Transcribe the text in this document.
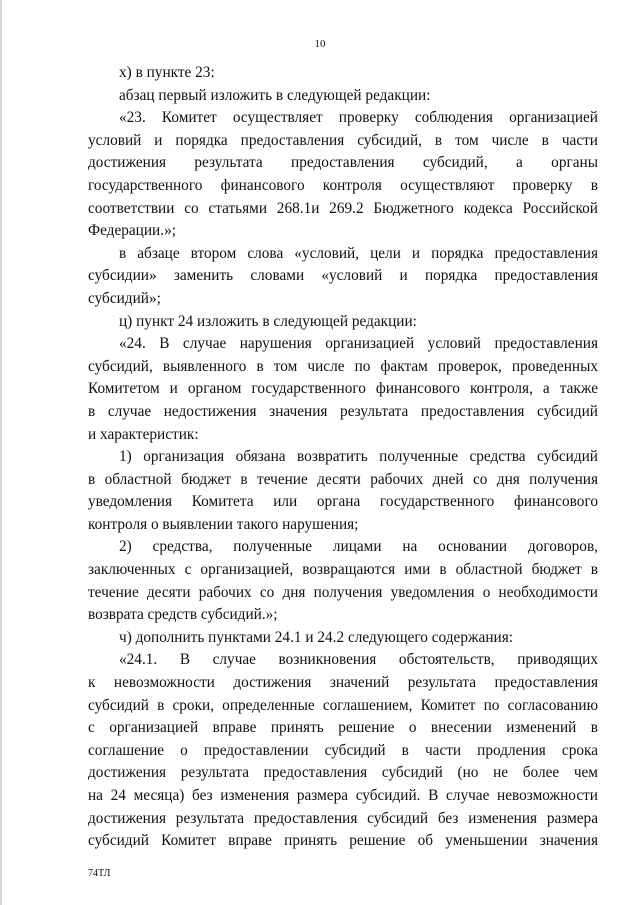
10
х) в пункте 23:
абзац первый изложить в следующей редакции:
«23. Комитет осуществляет проверку соблюдения организацией
условий и порядка предоставления субсидий, в том числе в части
достижения результата предоставления субсидий, а органы
государственного финансового контроля осуществляют проверку в
соответствии со статьями 268.1и 269.2 Бюджетного кодекса Российской
Федерации.»;
в абзаце втором слова «условий, цели и порядка предоставления
субсидии» заменить словами «условий и порядка предоставления
субсидий»;
ц) пункт 24 изложить в следующей редакции:
«24. В случае нарушения организацией условий предоставления
субсидий, выявленного в том числе по фактам проверок, проведенных
Комитетом и органом государственного финансового контроля, а также
в случае недостижения значения результата предоставления субсидий
и характеристик:
1) организация обязана возвратить полученные средства субсидий
в областной бюджет в течение десяти рабочих дней со дня получения
уведомления Комитета или органа государственного финансового
контроля о выявлении такого нарушения;
2) средства, полученные лицами на основании договоров,
заключенных с организацией, возвращаются ими в областной бюджет в
течение десяти рабочих со дня получения уведомления о необходимости
возврата средств субсидий.»;
ч) дополнить пунктами 24.1 и 24.2 следующего содержания:
«24.1. В случае возникновения обстоятельств, приводящих
к невозможности достижения значений результата предоставления
субсидий в сроки, определенные соглашением, Комитет по согласованию
с организацией вправе принять решение о внесении изменений в
соглашение о предоставлении субсидий в части продления срока
достижения результата предоставления субсидий (но не более чем
на 24 месяца) без изменения размера субсидий. В случае невозможности
достижения результата предоставления субсидий без изменения размера
субсидий Комитет вправе принять решение об уменьшении значения
74ТЛ
